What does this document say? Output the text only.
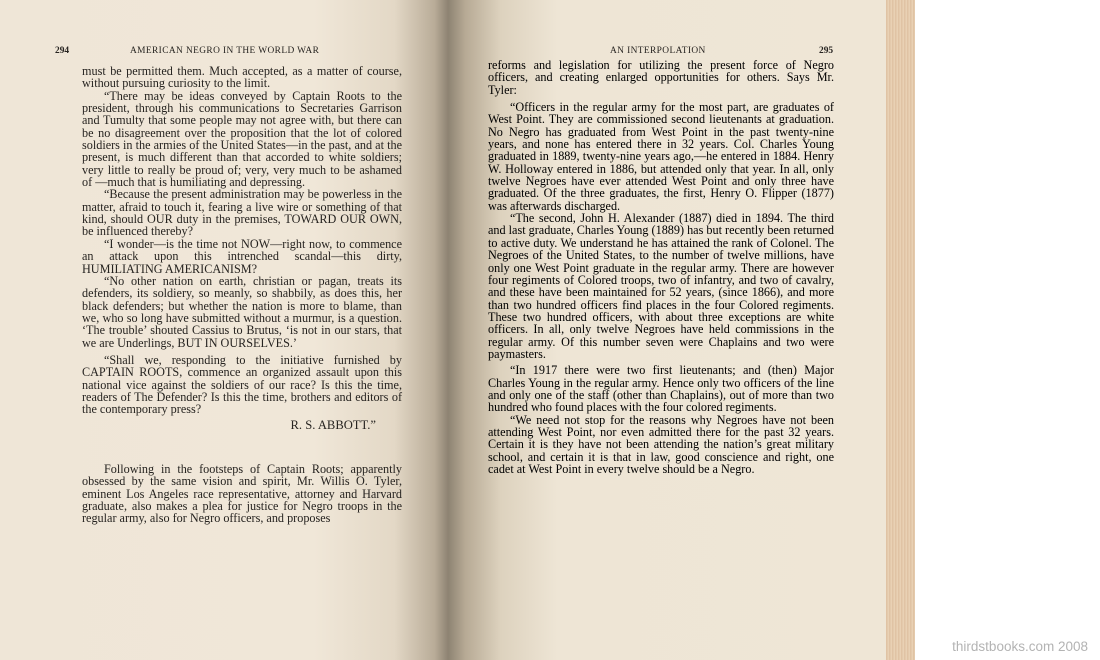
294	AMERICAN NEGRO IN THE WORLD WAR

must be permitted them. Much accepted, as a matter of course, without pursuing curiosity to the limit.

“There may be ideas conveyed by Captain Roots to the president, through his communications to Secretaries Garrison and Tumulty that some people may not agree with, but there can be no disagreement over the proposition that the lot of colored soldiers in the armies of the United States—in the past, and at the present, is much different than that accorded to white soldiers; very little to really be proud of; very, very much to be ashamed of —much that is humiliating and depressing.

“Because the present administration may be powerless in the matter, afraid to touch it, fearing a live wire or something of that kind, should OUR duty in the premises, TOWARD OUR OWN, be influenced thereby?

“I wonder—is the time not NOW—right now, to commence an attack upon this intrenched scandal—this dirty, HUMILIATING AMERICANISM?

“No other nation on earth, christian or pagan, treats its defenders, its soldiery, so meanly, so shabbily, as does this, her black defenders; but whether the nation is more to blame, than we, who so long have submitted without a murmur, is a question. ‘The trouble’ shouted Cassius to Brutus, ‘is not in our stars, that we are Underlings, BUT IN OURSELVES.’

“Shall we, responding to the initiative furnished by CAPTAIN ROOTS, commence an organized assault upon this national vice against the soldiers of our race? Is this the time, readers of The Defender? Is this the time, brothers and editors of the contemporary press?

R. S. ABBOTT.”

Following in the footsteps of Captain Roots; apparently obsessed by the same vision and spirit, Mr. Willis O. Tyler, eminent Los Angeles race representative, attorney and Harvard graduate, also makes a plea for justice for Negro troops in the regular army, also for Negro officers, and proposes

AN INTERPOLATION	295

reforms and legislation for utilizing the present force of Negro officers, and creating enlarged opportunities for others. Says Mr. Tyler:

“Officers in the regular army for the most part, are graduates of West Point. They are commissioned second lieutenants at graduation. No Negro has graduated from West Point in the past twenty-nine years, and none has entered there in 32 years. Col. Charles Young graduated in 1889, twenty-nine years ago,—he entered in 1884. Henry W. Holloway entered in 1886, but attended only that year. In all, only twelve Negroes have ever attended West Point and only three have graduated. Of the three graduates, the first, Henry O. Flipper (1877) was afterwards discharged.

“The second, John H. Alexander (1887) died in 1894. The third and last graduate, Charles Young (1889) has but recently been returned to active duty. We understand he has attained the rank of Colonel. The Negroes of the United States, to the number of twelve millions, have only one West Point graduate in the regular army. There are however four regiments of Colored troops, two of infantry, and two of cavalry, and these have been maintained for 52 years, (since 1866), and more than two hundred officers find places in the four Colored regiments. These two hundred officers, with about three exceptions are white officers. In all, only twelve Negroes have held commissions in the regular army. Of this number seven were Chaplains and two were paymasters.

“In 1917 there were two first lieutenants; and (then) Major Charles Young in the regular army. Hence only two officers of the line and only one of the staff (other than Chaplains), out of more than two hundred who found places with the four colored regiments.

“We need not stop for the reasons why Negroes have not been attending West Point, nor even admitted there for the past 32 years. Certain it is they have not been attending the nation’s great military school, and certain it is that in law, good conscience and right, one cadet at West Point in every twelve should be a Negro.

thirdstbooks.com 2008
